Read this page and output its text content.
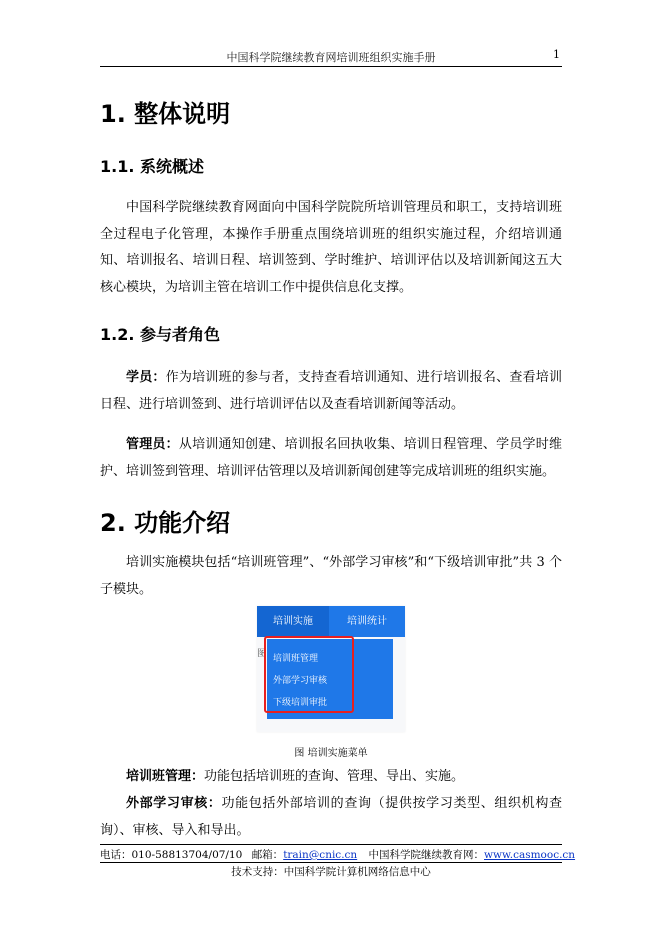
中国科学院继续教育网培训班组织实施手册	1
1. 整体说明
1.1. 系统概述

中国科学院继续教育网面向中国科学院院所培训管理员和职工，支持培训班全过程电子化管理，本操作手册重点围绕培训班的组织实施过程，介绍培训通知、培训报名、培训日程、培训签到、学时维护、培训评估以及培训新闻这五大核心模块，为培训主管在培训工作中提供信息化支撑。

1.2. 参与者角色

学员：作为培训班的参与者，支持查看培训通知、进行培训报名、查看培训日程、进行培训签到、进行培训评估以及查看培训新闻等活动。

管理员：从培训通知创建、培训报名回执收集、培训日程管理、学员学时维护、培训签到管理、培训评估管理以及培训新闻创建等完成培训班的组织实施。

2. 功能介绍

培训实施模块包括“培训班管理”、“外部学习审核”和“下级培训审批”共 3 个子模块。

培训实施	培训统计
图 培训班管理
外部学习审核
下级培训审批
图 培训实施菜单

培训班管理：功能包括培训班的查询、管理、导出、实施。

外部学习审核：功能包括外部培训的查询（提供按学习类型、组织机构查询）、审核、导入和导出。

电话：010-58813704/07/10 邮箱：train@cnic.cn 中国科学院继续教育网：www.casmooc.cn
技术支持：中国科学院计算机网络信息中心
